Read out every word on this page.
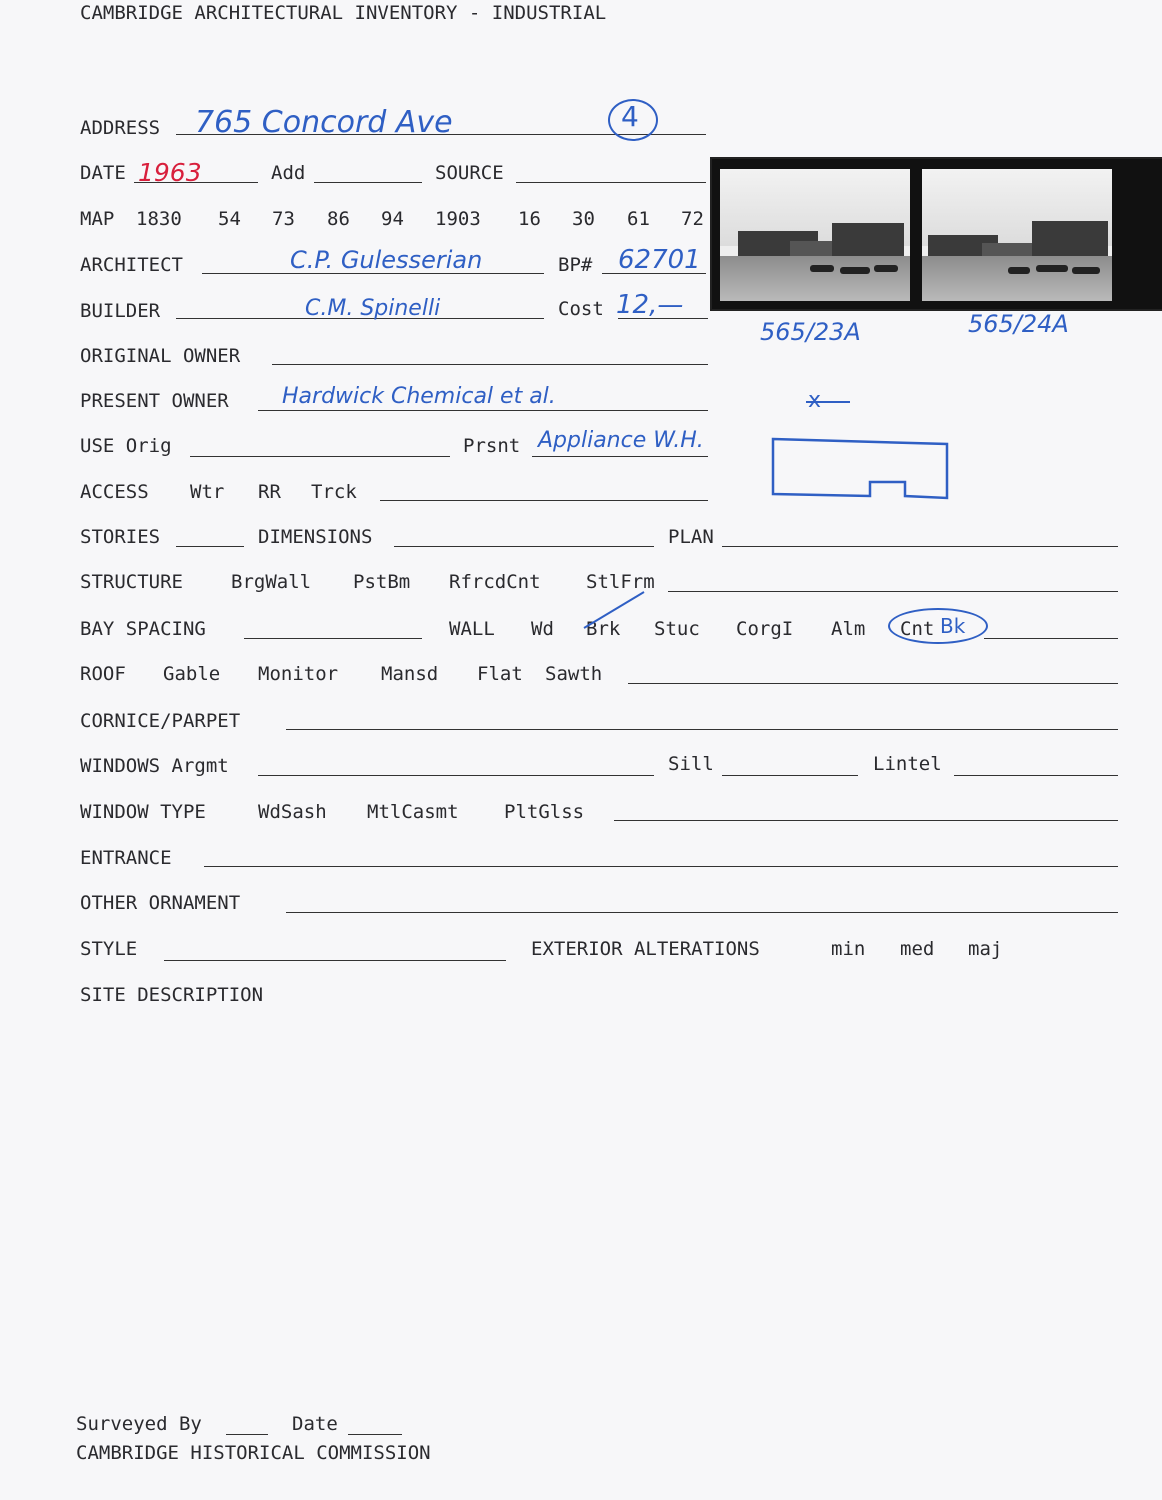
CAMBRIDGE ARCHITECTURAL INVENTORY - INDUSTRIAL
ADDRESS 765 Concord Ave	4
DATE 1963	Add	SOURCE
MAP 1830 54 73 86 94 1903 16 30 61 72
ARCHITECT	C.P. Gulesserian	BP# 62701
BUILDER	C.M. Spinelli	Cost 12,—
ORIGINAL OWNER
PRESENT OWNER Hardwick Chemical et al.
USE Orig	Prsnt Appliance W.H.
ACCESS Wtr RR Trck
STORIES	DIMENSIONS	PLAN
STRUCTURE	BrgWall PstBm RfrcdCnt StlFrm
BAY SPACING	WALL Wd Brk Stuc CorgI Alm Cnt Bk
ROOF Gable Monitor Mansd Flat Sawth
CORNICE/PARPET
WINDOWS Argmt	Sill	Lintel
WINDOW TYPE	WdSash MtlCasmt PltGlss
ENTRANCE
OTHER ORNAMENT
STYLE	EXTERIOR ALTERATIONS	min med maj
SITE DESCRIPTION
565/23A	565/24A
x
Surveyed By	Date
CAMBRIDGE HISTORICAL COMMISSION
